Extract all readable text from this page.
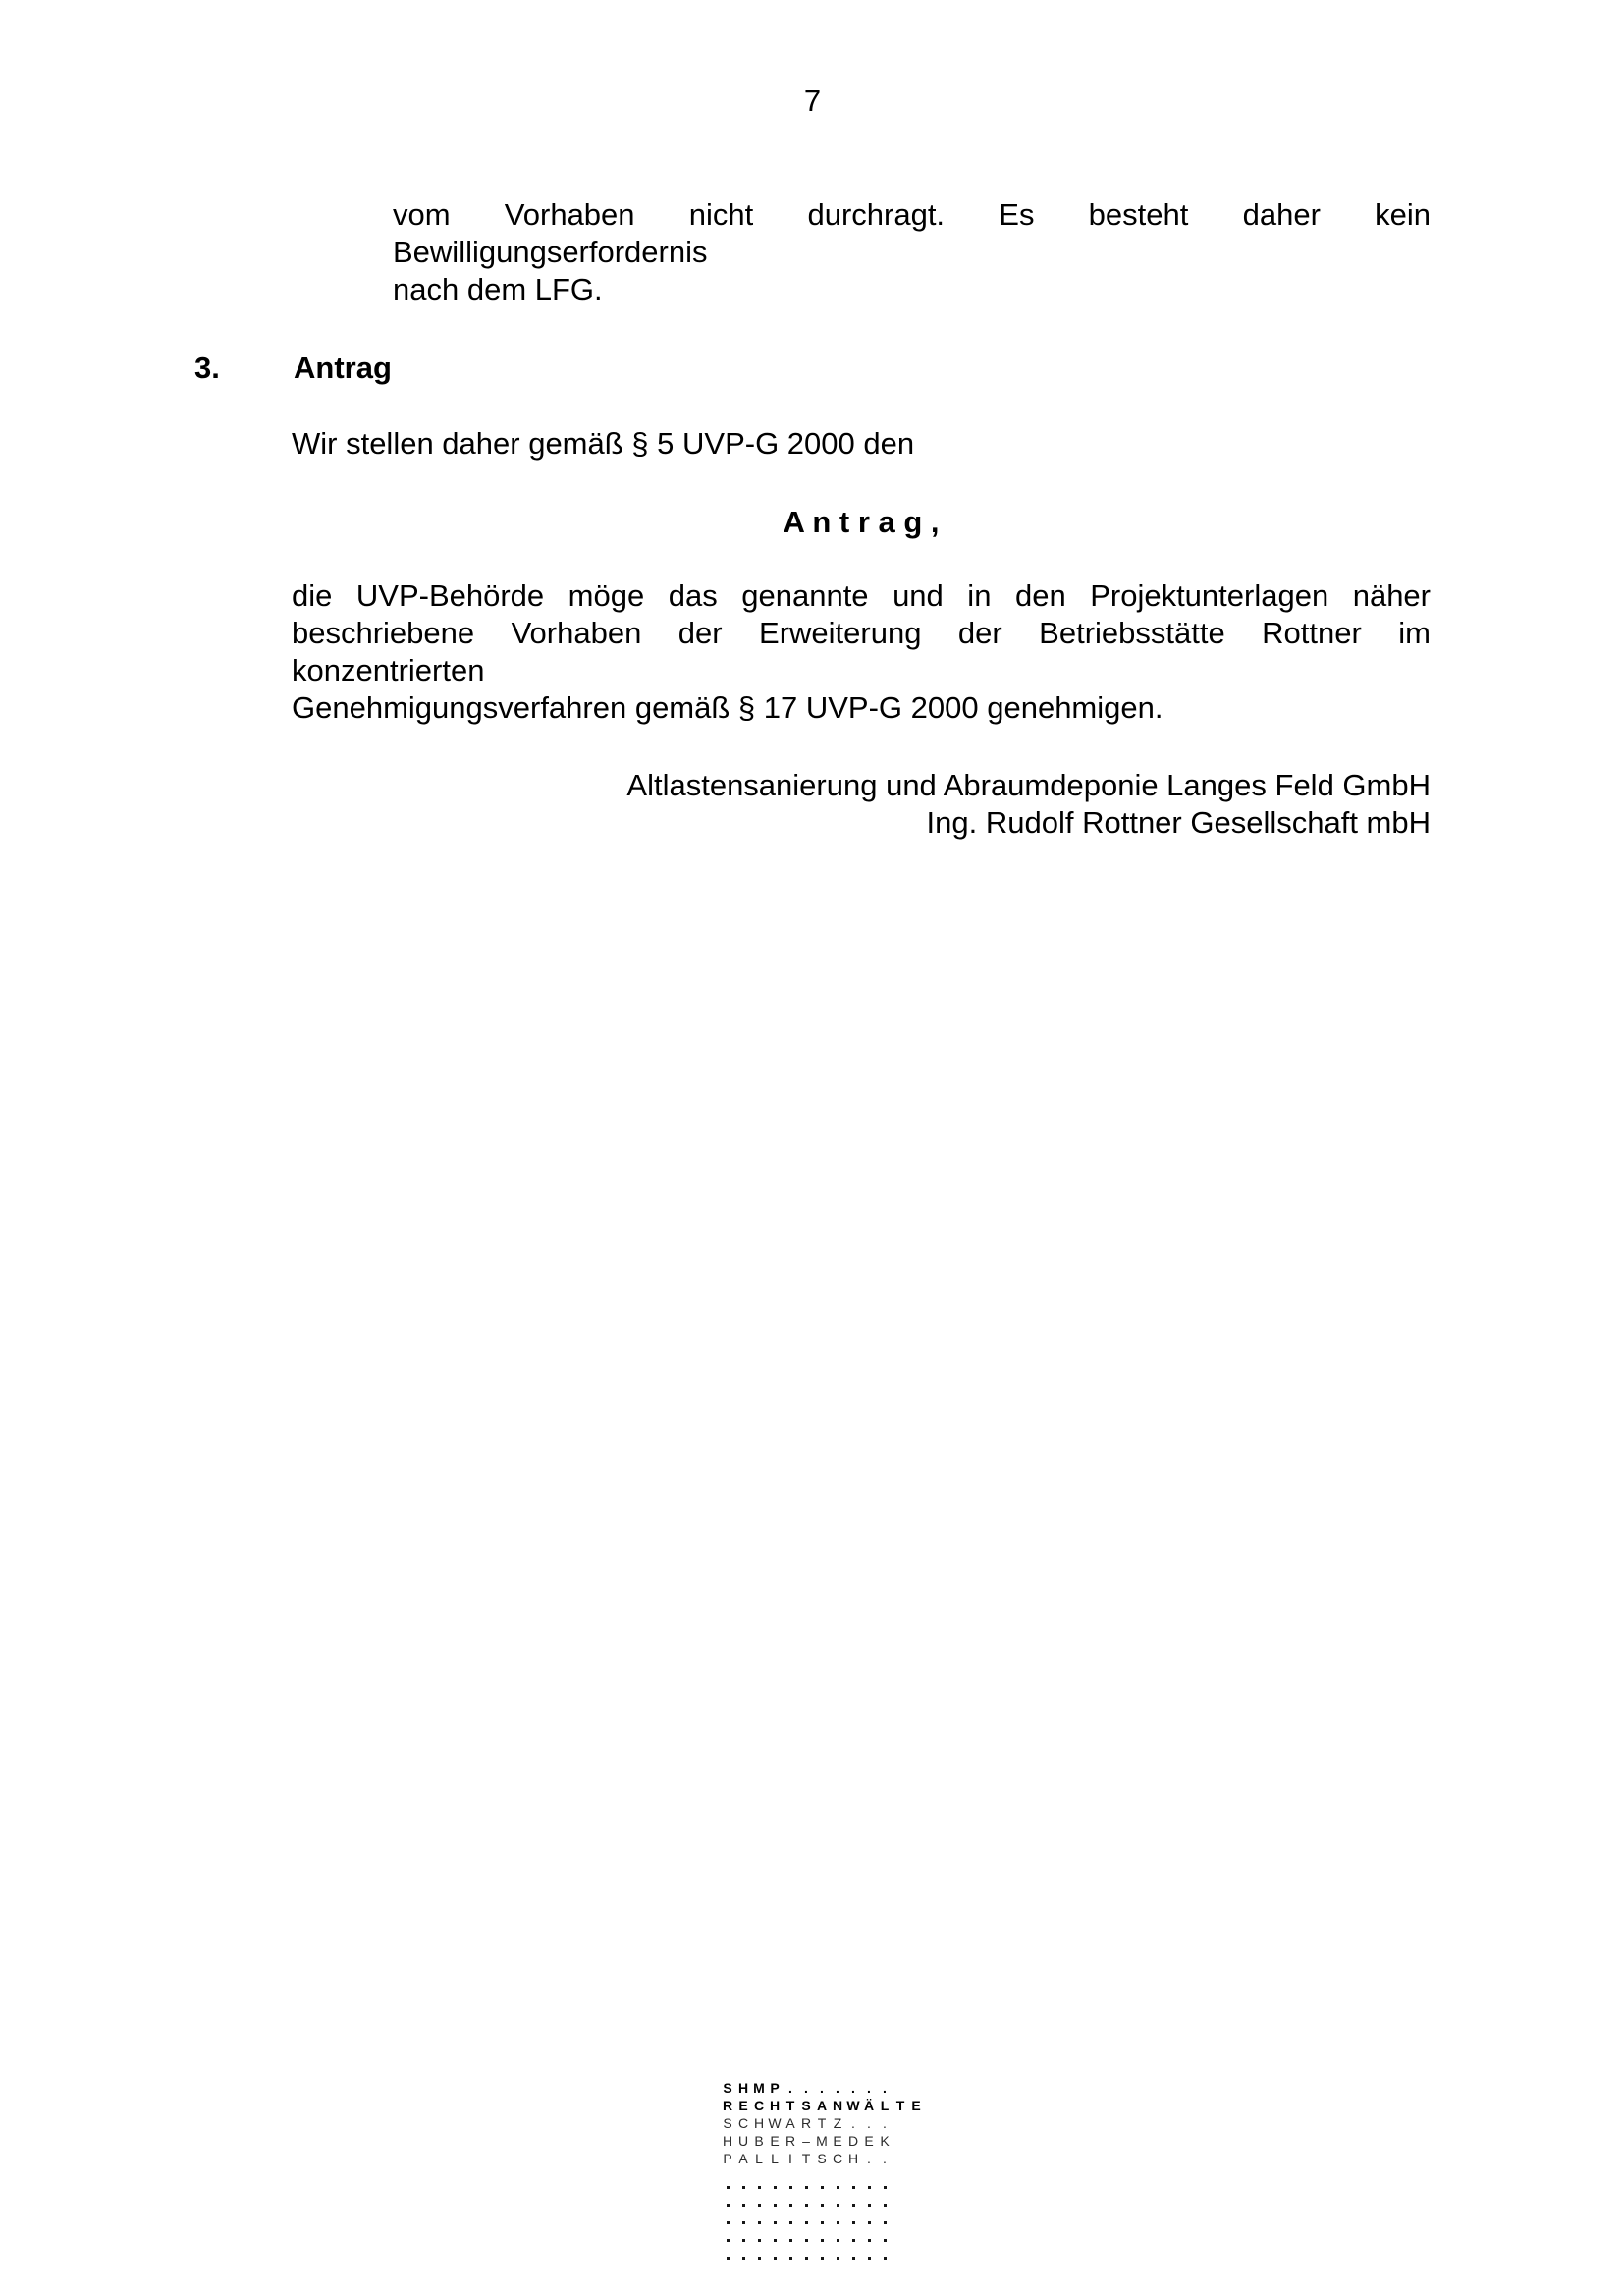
7
vom Vorhaben nicht durchragt. Es besteht daher kein Bewilligungserfordernis
nach dem LFG.
3.	Antrag
Wir stellen daher gemäß § 5 UVP-G 2000 den
A n t r a g ,
die UVP-Behörde möge das genannte und in den Projektunterlagen näher
beschriebene Vorhaben der Erweiterung der Betriebsstätte Rottner im konzentrierten
Genehmigungsverfahren gemäß § 17 UVP-G 2000 genehmigen.
Altlastensanierung und Abraumdeponie Langes Feld GmbH
Ing. Rudolf Rottner Gesellschaft mbH
S H M P . . . . . . .
R E C H T S A N W Ä L T E
S C H W A R T Z . . .
H U B E R – M E D E K
P A L L I T S C H . .
